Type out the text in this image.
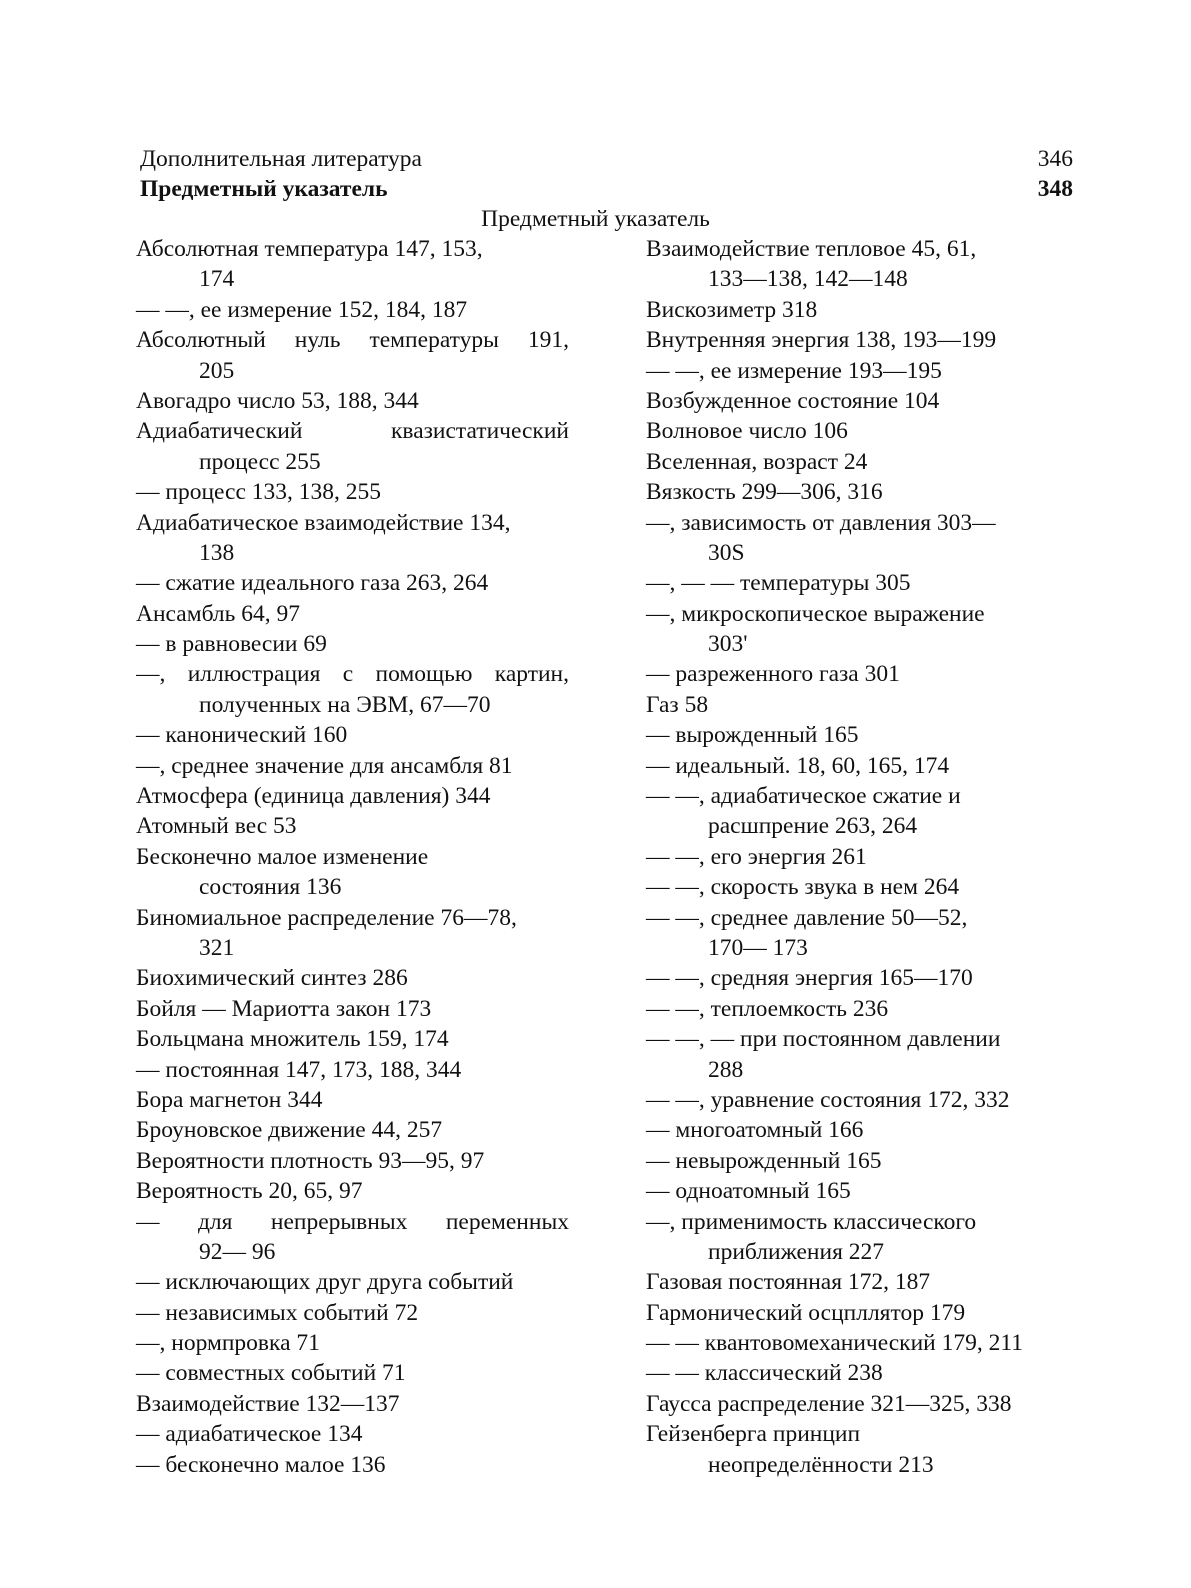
Дополнительная литература	346
Предметный указатель	348
Предметный указатель
Абсолютная температура 147, 153,
174
— —, ее измерение 152, 184, 187
Абсолютный нуль температуры 191,
205
Авогадро число 53, 188, 344
Адиабатический квазистатический
процесс 255
— процесс 133, 138, 255
Адиабатическое взаимодействие 134,
138
— сжатие идеального газа 263, 264
Ансамбль 64, 97
— в равновесии 69
—, иллюстрация с помощью картин,
полученных на ЭВМ, 67—70
— канонический 160
—, среднее значение для ансамбля 81
Атмосфера (единица давления) 344
Атомный вес 53
Бесконечно малое изменение
состояния 136
Биномиальное распределение 76—78,
321
Биохимический синтез 286
Бойля — Мариотта закон 173
Больцмана множитель 159, 174
— постоянная 147, 173, 188, 344
Бора магнетон 344
Броуновское движение 44, 257
Вероятности плотность 93—95, 97
Вероятность 20, 65, 97
— для непрерывных переменных
92— 96
— исключающих друг друга событий
— независимых событий 72
—, нормпровка 71
— совместных событий 71
Взаимодействие 132—137
— адиабатическое 134
— бесконечно малое 136
Взаимодействие тепловое 45, 61,
133—138, 142—148
Вискозиметр 318
Внутренняя энергия 138, 193—199
— —, ее измерение 193—195
Возбужденное состояние 104
Волновое число 106
Вселенная, возраст 24
Вязкость 299—306, 316
—, зависимость от давления 303—
30S
—, — — температуры 305
—, микроскопическое выражение
303'
— разреженного газа 301
Газ 58
— вырожденный 165
— идеальный. 18, 60, 165, 174
— —, адиабатическое сжатие и
расшпрение 263, 264
— —, его энергия 261
— —, скорость звука в нем 264
— —, среднее давление 50—52,
170— 173
— —, средняя энергия 165—170
— —, теплоемкость 236
— —, — при постоянном давлении
288
— —, уравнение состояния 172, 332
— многоатомный 166
— невырожденный 165
— одноатомный 165
—, применимость классического
приближения 227
Газовая постоянная 172, 187
Гармонический осцпллятор 179
— — квантовомеханический 179, 211
— — классический 238
Гаусса распределение 321—325, 338
Гейзенберга принцип
неопределённости 213
